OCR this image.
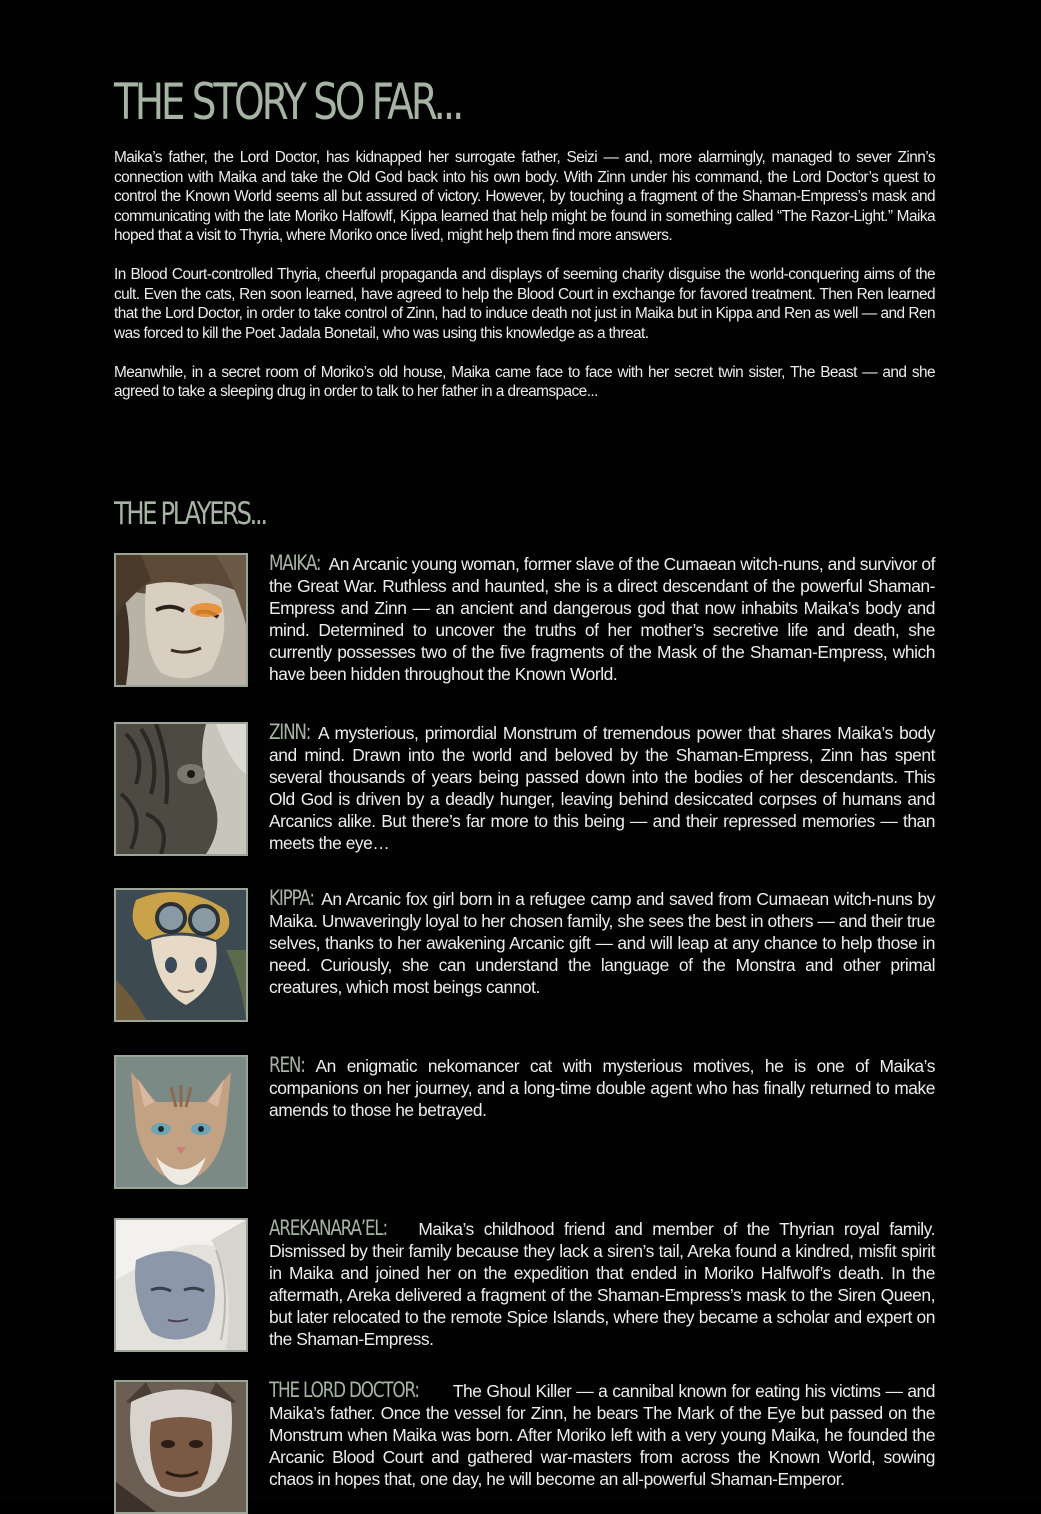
THE STORY SO FAR...

Maika’s father, the Lord Doctor, has kidnapped her surrogate father, Seizi — and, more alarmingly, managed to sever Zinn’s connection with Maika and take the Old God back into his own body. With Zinn under his command, the Lord Doctor’s quest to control the Known World seems all but assured of victory. However, by touching a fragment of the Shaman-Empress’s mask and communicating with the late Moriko Halfowlf, Kippa learned that help might be found in something called “The Razor-Light.” Maika hoped that a visit to Thyria, where Moriko once lived, might help them find more answers.

In Blood Court-controlled Thyria, cheerful propaganda and displays of seeming charity disguise the world-conquering aims of the cult. Even the cats, Ren soon learned, have agreed to help the Blood Court in exchange for favored treatment. Then Ren learned that the Lord Doctor, in order to take control of Zinn, had to induce death not just in Maika but in Kippa and Ren as well — and Ren was forced to kill the Poet Jadala Bonetail, who was using this knowledge as a threat.

Meanwhile, in a secret room of Moriko’s old house, Maika came face to face with her secret twin sister, The Beast — and she agreed to take a sleeping drug in order to talk to her father in a dreamspace...

THE PLAYERS...

MAIKA: An Arcanic young woman, former slave of the Cumaean witch-nuns, and survivor of the Great War. Ruthless and haunted, she is a direct descendant of the powerful Shaman-Empress and Zinn — an ancient and dangerous god that now inhabits Maika’s body and mind. Determined to uncover the truths of her mother’s secretive life and death, she currently possesses two of the five fragments of the Mask of the Shaman-Empress, which have been hidden throughout the Known World.

ZINN: A mysterious, primordial Monstrum of tremendous power that shares Maika’s body and mind. Drawn into the world and beloved by the Shaman-Empress, Zinn has spent several thousands of years being passed down into the bodies of her descendants. This Old God is driven by a deadly hunger, leaving behind desiccated corpses of humans and Arcanics alike. But there’s far more to this being — and their repressed memories — than meets the eye…

KIPPA: An Arcanic fox girl born in a refugee camp and saved from Cumaean witch-nuns by Maika. Unwaveringly loyal to her chosen family, she sees the best in others — and their true selves, thanks to her awakening Arcanic gift — and will leap at any chance to help those in need. Curiously, she can understand the language of the Monstra and other primal creatures, which most beings cannot.

REN: An enigmatic nekomancer cat with mysterious motives, he is one of Maika’s companions on her journey, and a long-time double agent who has finally returned to make amends to those he betrayed.

AREKANARA’EL: Maika’s childhood friend and member of the Thyrian royal family. Dismissed by their family because they lack a siren’s tail, Areka found a kindred, misfit spirit in Maika and joined her on the expedition that ended in Moriko Halfwolf’s death. In the aftermath, Areka delivered a fragment of the Shaman-Empress’s mask to the Siren Queen, but later relocated to the remote Spice Islands, where they became a scholar and expert on the Shaman-Empress.

THE LORD DOCTOR: The Ghoul Killer — a cannibal known for eating his victims — and Maika’s father. Once the vessel for Zinn, he bears The Mark of the Eye but passed on the Monstrum when Maika was born. After Moriko left with a very young Maika, he founded the Arcanic Blood Court and gathered war-masters from across the Known World, sowing chaos in hopes that, one day, he will become an all-powerful Shaman-Emperor.
